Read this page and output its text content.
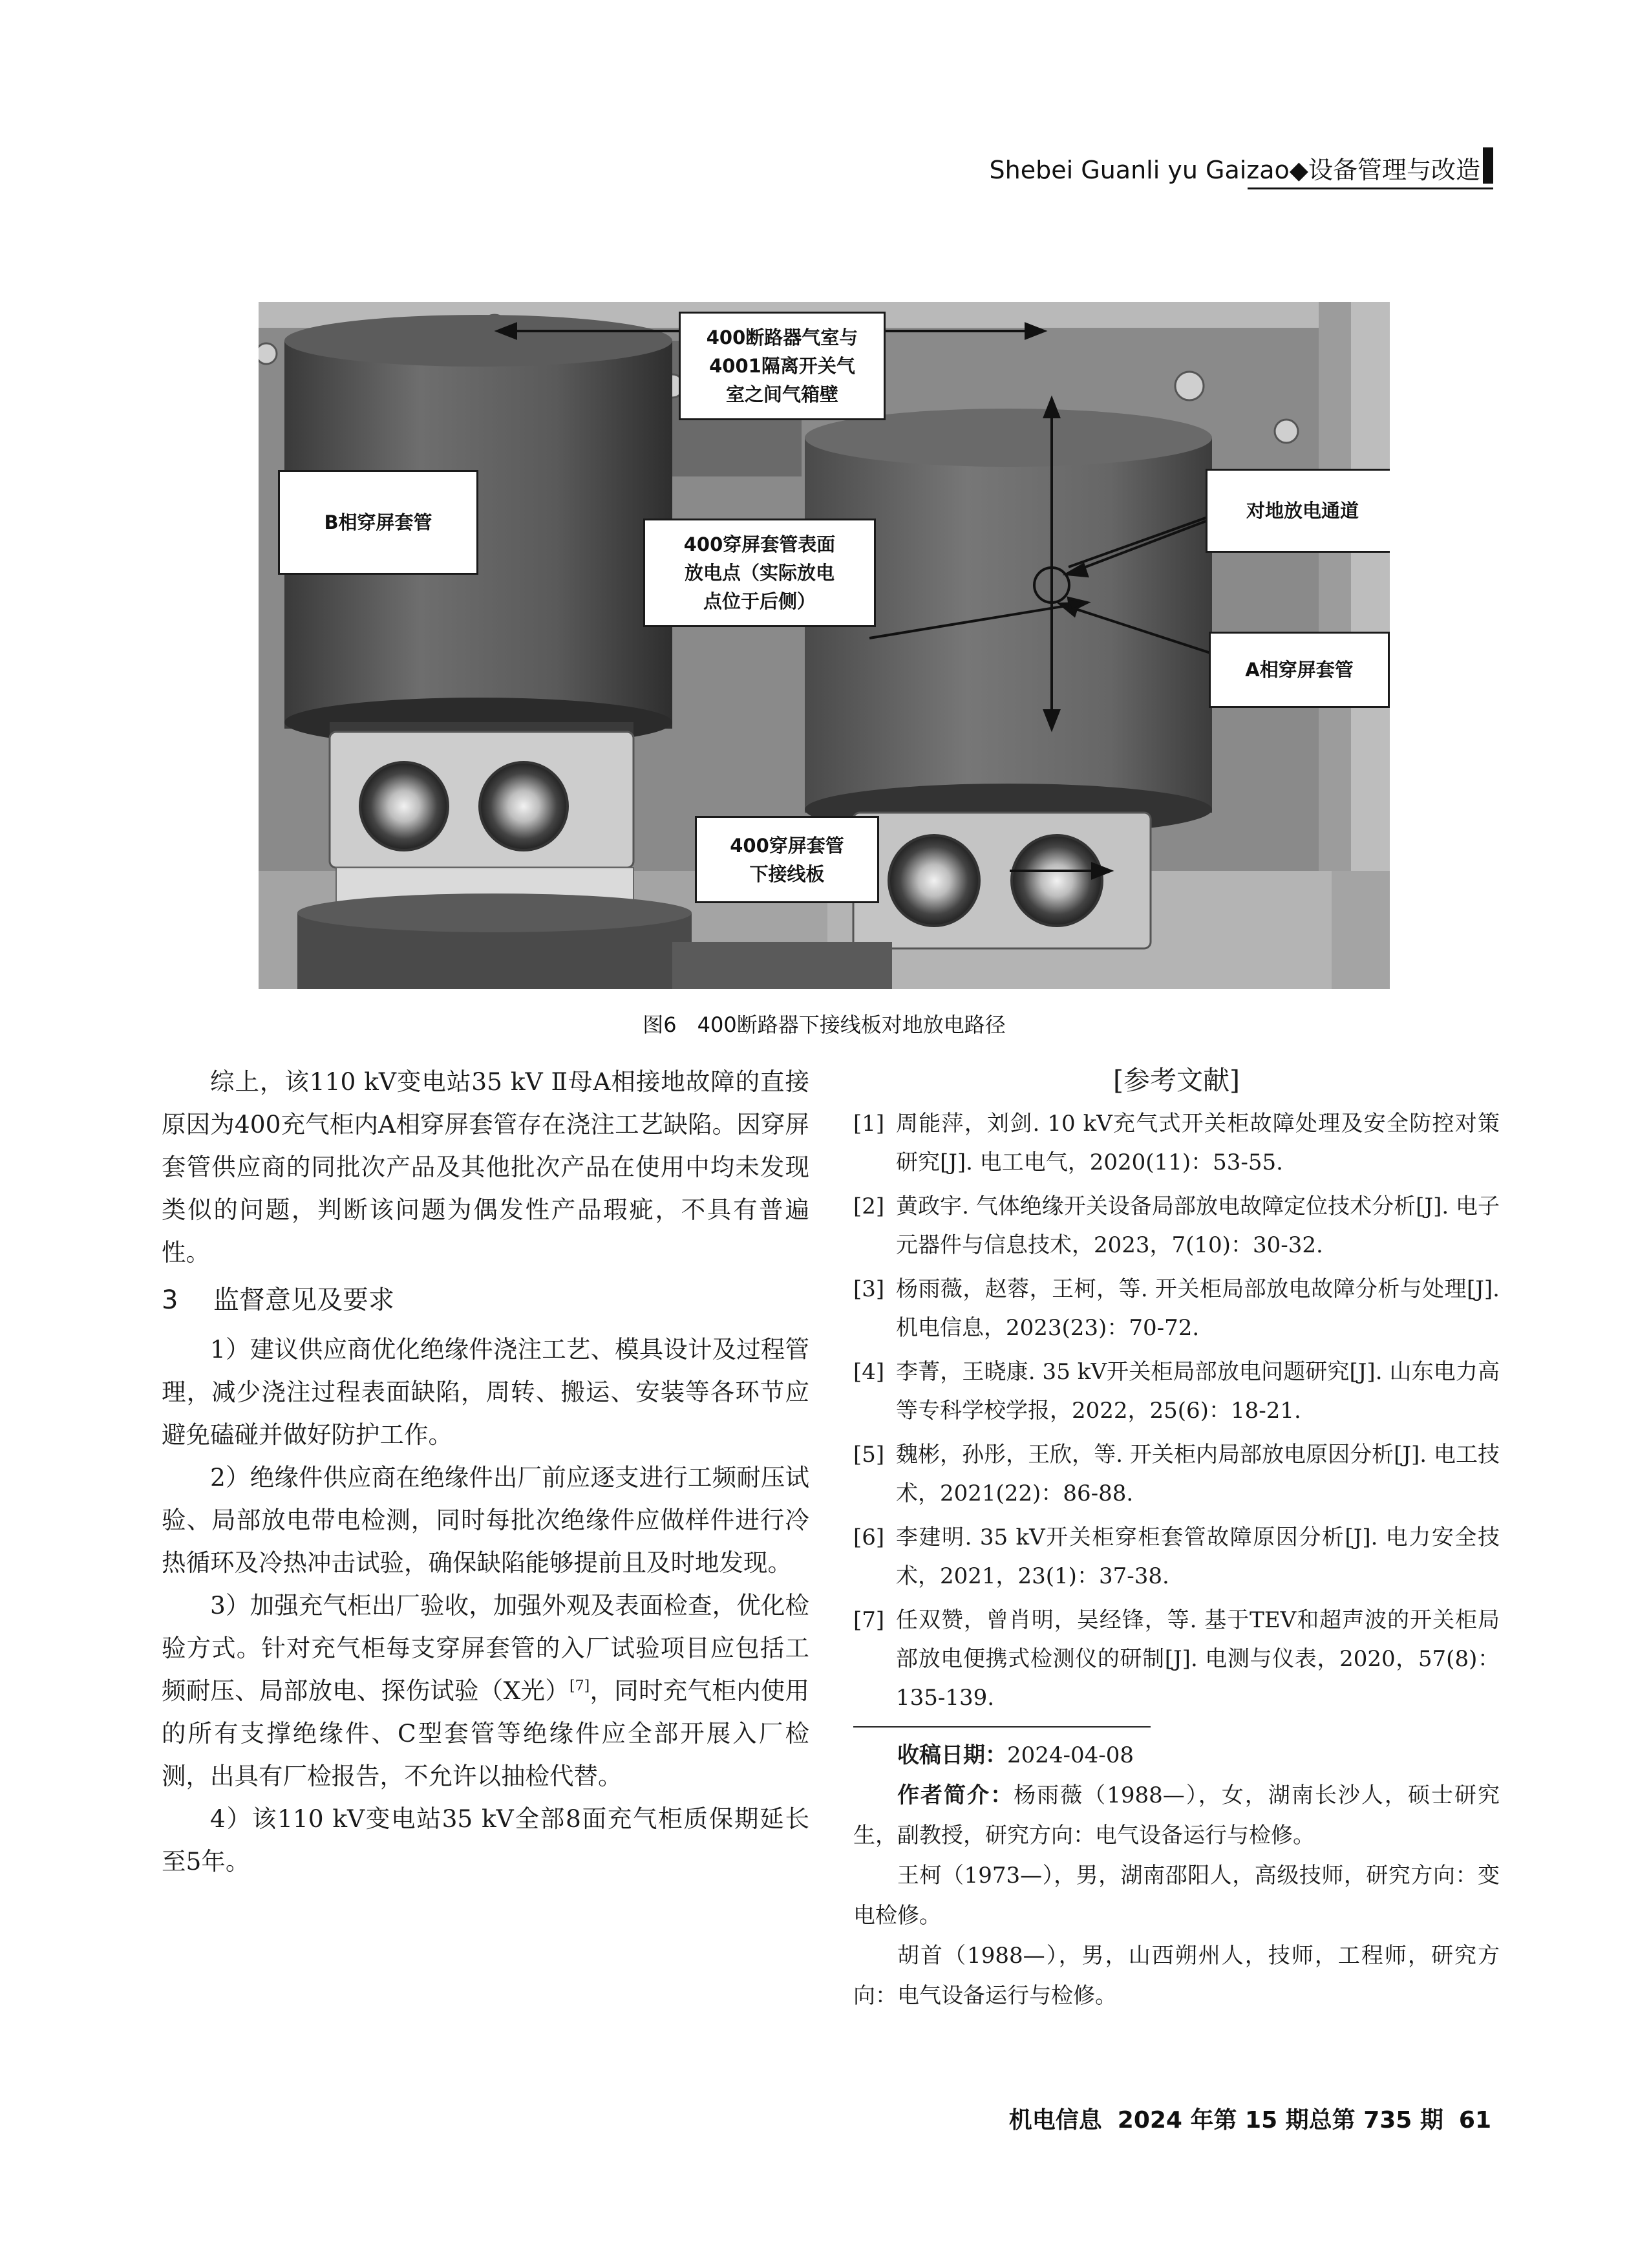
Shebei Guanli yu Gaizao◆设备管理与改造
400断路器气室与
4001隔离开关气
室之间气箱壁
B相穿屏套管
400穿屏套管表面
放电点（实际放电
点位于后侧）
对地放电通道
A相穿屏套管
400穿屏套管
下接线板
图6　400断路器下接线板对地放电路径

综上，该110 kV变电站35 kV Ⅱ母A相接地故障的直接原因为400充气柜内A相穿屏套管存在浇注工艺缺陷。因穿屏套管供应商的同批次产品及其他批次产品在使用中均未发现类似的问题，判断该问题为偶发性产品瑕疵，不具有普遍性。

3 监督意见及要求

1）建议供应商优化绝缘件浇注工艺、模具设计及过程管理，减少浇注过程表面缺陷，周转、搬运、安装等各环节应避免磕碰并做好防护工作。

2）绝缘件供应商在绝缘件出厂前应逐支进行工频耐压试验、局部放电带电检测，同时每批次绝缘件应做样件进行冷热循环及冷热冲击试验，确保缺陷能够提前且及时地发现。

3）加强充气柜出厂验收，加强外观及表面检查，优化检验方式。针对充气柜每支穿屏套管的入厂试验项目应包括工频耐压、局部放电、探伤试验（X光）[7]，同时充气柜内使用的所有支撑绝缘件、C型套管等绝缘件应全部开展入厂检测，出具有厂检报告，不允许以抽检代替。

4）该110 kV变电站35 kV全部8面充气柜质保期延长至5年。

[参考文献]
[1] 周能萍，刘剑. 10 kV充气式开关柜故障处理及安全防控对策研究[J]. 电工电气，2020(11)：53-55.
[2] 黄政宇. 气体绝缘开关设备局部放电故障定位技术分析[J]. 电子元器件与信息技术，2023，7(10)：30-32.
[3] 杨雨薇，赵蓉，王柯，等. 开关柜局部放电故障分析与处理[J]. 机电信息，2023(23)：70-72.
[4] 李菁，王晓康. 35 kV开关柜局部放电问题研究[J]. 山东电力高等专科学校学报，2022，25(6)：18-21.
[5] 魏彬，孙彤，王欣，等. 开关柜内局部放电原因分析[J]. 电工技术，2021(22)：86-88.
[6] 李建明. 35 kV开关柜穿柜套管故障原因分析[J]. 电力安全技术，2021，23(1)：37-38.
[7] 任双赞，曾肖明，吴经锋，等. 基于TEV和超声波的开关柜局部放电便携式检测仪的研制[J]. 电测与仪表，2020，57(8)：135-139.

收稿日期：2024-04-08

作者简介：杨雨薇（1988—），女，湖南长沙人，硕士研究生，副教授，研究方向：电气设备运行与检修。

王柯（1973—），男，湖南邵阳人，高级技师，研究方向：变电检修。

胡首（1988—），男，山西朔州人，技师，工程师，研究方向：电气设备运行与检修。

机电信息 2024 年第 15 期总第 735 期 61
